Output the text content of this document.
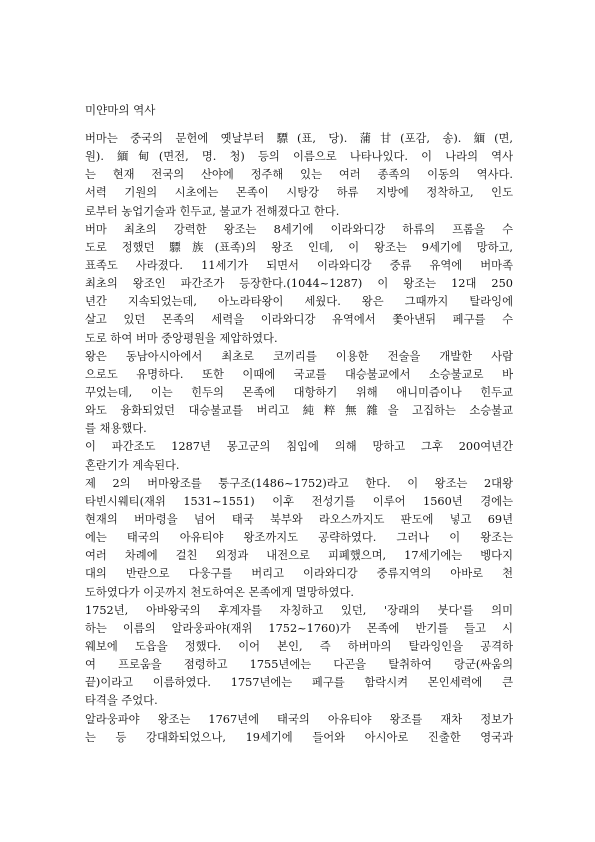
미얀마의 역사
버마는 중국의 문헌에 옛날부터 驃(표, 당). 蒲甘(포감, 송). 緬(면,
원). 緬甸(면전, 명. 청) 등의 이름으로 나타나있다. 이 나라의 역사
는 현재 전국의 산야에 정주해 있는 여러 종족의 이동의 역사다.
서력 기원의 시초에는 몬족이 시탕강 하류 지방에 정착하고, 인도
로부터 농업기술과 힌두교, 불교가 전해졌다고 한다.
버마 최초의 강력한 왕조는 8세기에 이라와디강 하류의 프롬을 수
도로 정했던 驃族(표족)의 왕조 인데, 이 왕조는 9세기에 망하고,
표족도 사라졌다. 11세기가 되면서 이라와디강 중류 유역에 버마족
최초의 왕조인 파간조가 등장한다.(1044~1287) 이 왕조는 12대 250
년간 지속되었는데, 아노라타왕이 세웠다. 왕은 그때까지 탈라잉에
살고 있던 몬족의 세력을 이라와디강 유역에서 쫓아낸뒤 페구를 수
도로 하여 버마 중앙평원을 제압하였다.
왕은 동남아시아에서 최초로 코끼리를 이용한 전술을 개발한 사람
으로도 유명하다. 또한 이때에 국교를 대승불교에서 소승불교로 바
꾸었는데, 이는 힌두의 몬족에 대항하기 위해 애니미즘이나 힌두교
와도 융화되었던 대승불교를 버리고 純粹無雜을 고집하는 소승불교
를 채용했다.
이 파간조도 1287년 몽고군의 침입에 의해 망하고 그후 200여년간
혼란기가 계속된다.
제 2의 버마왕조를 퉁구조(1486~1752)라고 한다. 이 왕조는 2대왕
타빈시웨티(재위 1531~1551) 이후 전성기를 이루어 1560년 경에는
현재의 버마령을 넘어 태국 북부와 라오스까지도 판도에 넣고 69년
에는 태국의 아유티야 왕조까지도 공략하였다. 그러나 이 왕조는
여러 차례에 걸친 외정과 내전으로 피폐했으며, 17세기에는 벵다지
대의 반란으로 다웅구를 버리고 이라와디강 중류지역의 아바로 천
도하였다가 이곳까지 천도하여온 몬족에게 멸망하였다.
1752년, 아바왕국의 후계자를 자칭하고 있던, '장래의 붓다'를 의미
하는 이름의 알라웅파야(재위 1752~1760)가 몬족에 반기를 들고 시
웨보에 도읍을 정했다. 이어 본인, 즉 하버마의 탈라잉인을 공격하
여 프로움을 점령하고 1755년에는 다곤을 탈취하여 랑군(싸움의
끝)이라고 이름하였다. 1757년에는 페구를 함락시켜 몬인세력에 큰
타격을 주었다.
알라웅파야 왕조는 1767년에 태국의 아유티야 왕조를 재차 정보가
는 등 강대화되었으나, 19세기에 들어와 아시아로 진출한 영국과
